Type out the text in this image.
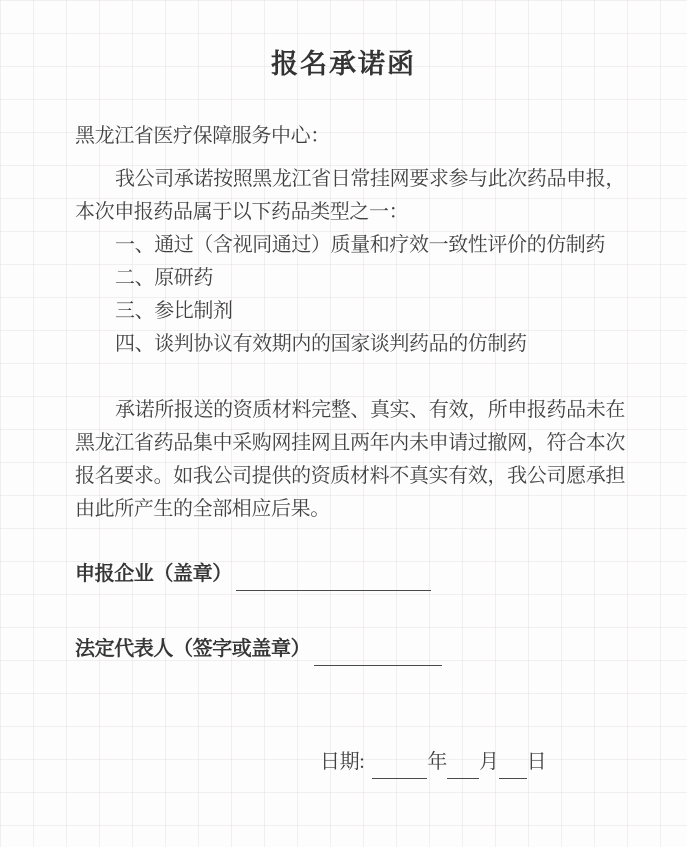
报名承诺函

黑龙江省医疗保障服务中心：

我公司承诺按照黑龙江省日常挂网要求参与此次药品申报，本次申报药品属于以下药品类型之一：

一、通过（含视同通过）质量和疗效一致性评价的仿制药
二、原研药
三、参比制剂
四、谈判协议有效期内的国家谈判药品的仿制药

承诺所报送的资质材料完整、真实、有效，所申报药品未在黑龙江省药品集中采购网挂网且两年内未申请过撤网，符合本次报名要求。如我公司提供的资质材料不真实有效，我公司愿承担由此所产生的全部相应后果。

申报企业（盖章）
法定代表人（签字或盖章）
日期:	年 月 日
